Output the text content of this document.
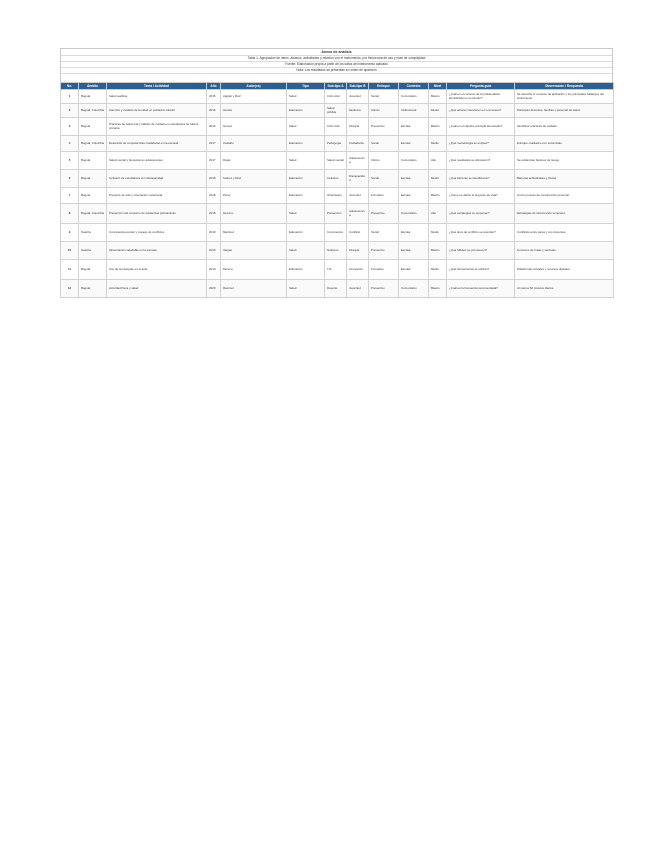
Anexo de análisis
Tabla 1. Agrupación de ítems, alcance, actividades y relación con el instrumento, por frecuencia de uso y nivel de complejidad
Fuente: Elaboración propia a partir de los datos del instrumento aplicado
Nota: Los resultados se presentan en orden de aparición
No.	Ámbito	Tema / Actividad	Año	Autor(es)	Tipo	Sub-tipo A	Sub-tipo B	Enfoque	Contexto	Nivel	Pregunta guía	Observación / Respuesta
1	Bogotá	Salud auditiva	2015	Aguilar y Ruiz	Salud	Ciclo vital	Juventud	Social	Comunitario	Básico	¿Cuál es el contexto de la problemática identificada en el estudio?	Se describe el contexto de aplicación y los principales hallazgos del instrumento.
2	Bogotá, Colombia	Atención y cuidado de la salud en población infantil	2016	Acosta	Educación	Salud pública	Medicina	Clínico	Institucional	Medio	¿Qué actores intervienen en el proceso?	Participan docentes, familias y personal de salud.
3	Bogotá	Prácticas de salud oral y hábitos de cuidado en estudiantes de básica primaria	2016	Gómez	Salud	Ciclo vital	Infancia	Preventivo	Escolar	Básico	¿Cuál es el objetivo principal del estudio?	Identificar prácticas de cuidado.
4	Bogotá, Colombia	Desarrollo de competencias ciudadanas en la escuela	2017	Castaño	Educación	Pedagogía	Ciudadanía	Social	Escolar	Medio	¿Qué metodología se empleó?	Enfoque cualitativo con entrevistas.
5	Bogotá	Salud mental y bienestar en adolescentes	2017	Rojas	Salud	Salud mental	Adolescencia	Clínico	Comunitario	Alto	¿Qué resultados se obtuvieron?	Se evidencian factores de riesgo.
6	Bogotá	Inclusión de estudiantes con discapacidad	2018	Suárez y Díaz	Educación	Inclusión	Discapacidad	Social	Escolar	Medio	¿Qué barreras se identificaron?	Barreras actitudinales y físicas.
7	Bogotá	Proyecto de vida y orientación vocacional	2018	Pérez	Educación	Orientación	Juventud	Formativo	Escolar	Básico	¿Cómo se define el proyecto de vida?	Como proceso de construcción personal.
8	Bogotá, Colombia	Prevención del consumo de sustancias psicoactivas	2018	Herrera	Salud	Prevención	Adolescencia	Preventivo	Comunitario	Alto	¿Qué estrategias se proponen?	Estrategias de intervención temprana.
9	Soacha	Convivencia escolar y manejo de conflictos	2019	Martínez	Educación	Convivencia	Conflicto	Social	Escolar	Medio	¿Qué tipos de conflicto se reportan?	Conflictos entre pares y con docentes.
10	Soacha	Alimentación saludable en la escuela	2019	Vargas	Salud	Nutrición	Infancia	Preventivo	Escolar	Básico	¿Qué hábitos se promueven?	Consumo de frutas y verduras.
11	Bogotá	Uso de tecnologías en el aula	2019	Moreno	Educación	TIC	Innovación	Formativo	Escolar	Medio	¿Qué herramientas se utilizan?	Plataformas virtuales y recursos digitales.
12	Bogotá	Actividad física y salud	2020	Ramírez	Salud	Deporte	Juventud	Preventivo	Comunitario	Básico	¿Cuál es la frecuencia recomendada?	Al menos 60 minutos diarios.
